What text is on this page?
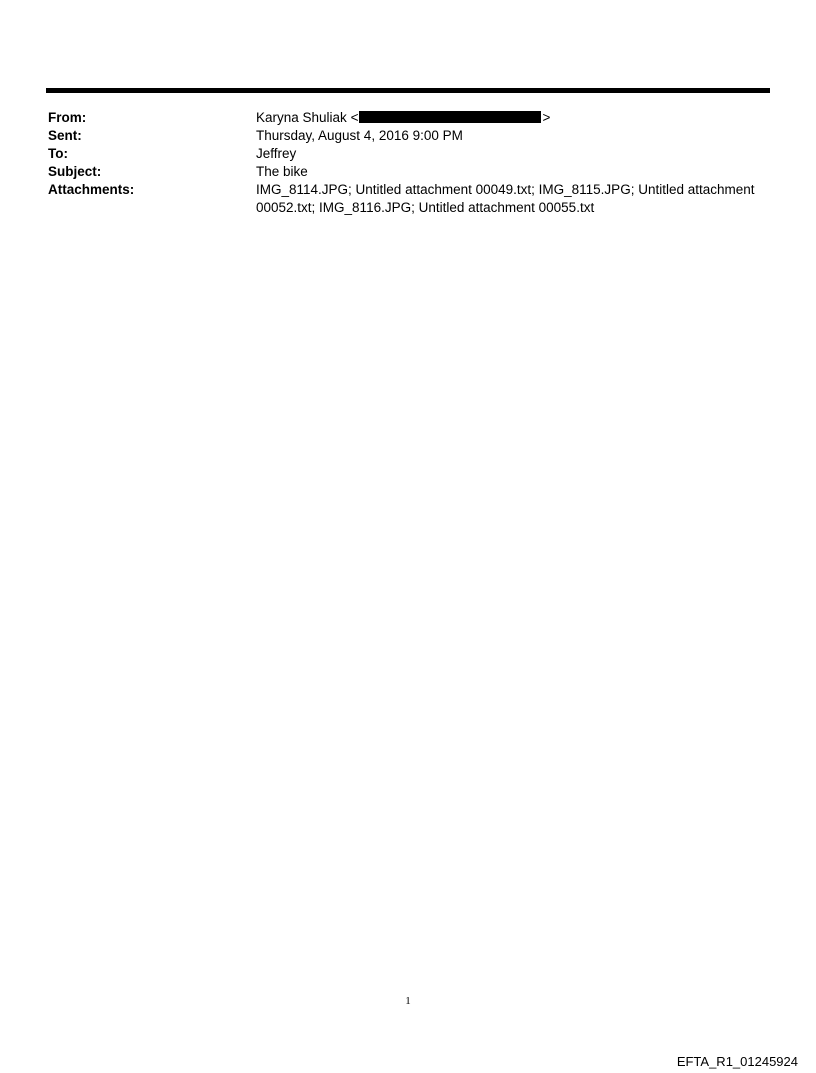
From:	Karyna Shuliak <	>
Sent:	Thursday, August 4, 2016 9:00 PM
To:	Jeffrey
Subject:	The bike
Attachments:	IMG_8114.JPG; Untitled attachment 00049.txt; IMG_8115.JPG; Untitled attachment
00052.txt; IMG_8116.JPG; Untitled attachment 00055.txt
1
EFTA_R1_01245924
